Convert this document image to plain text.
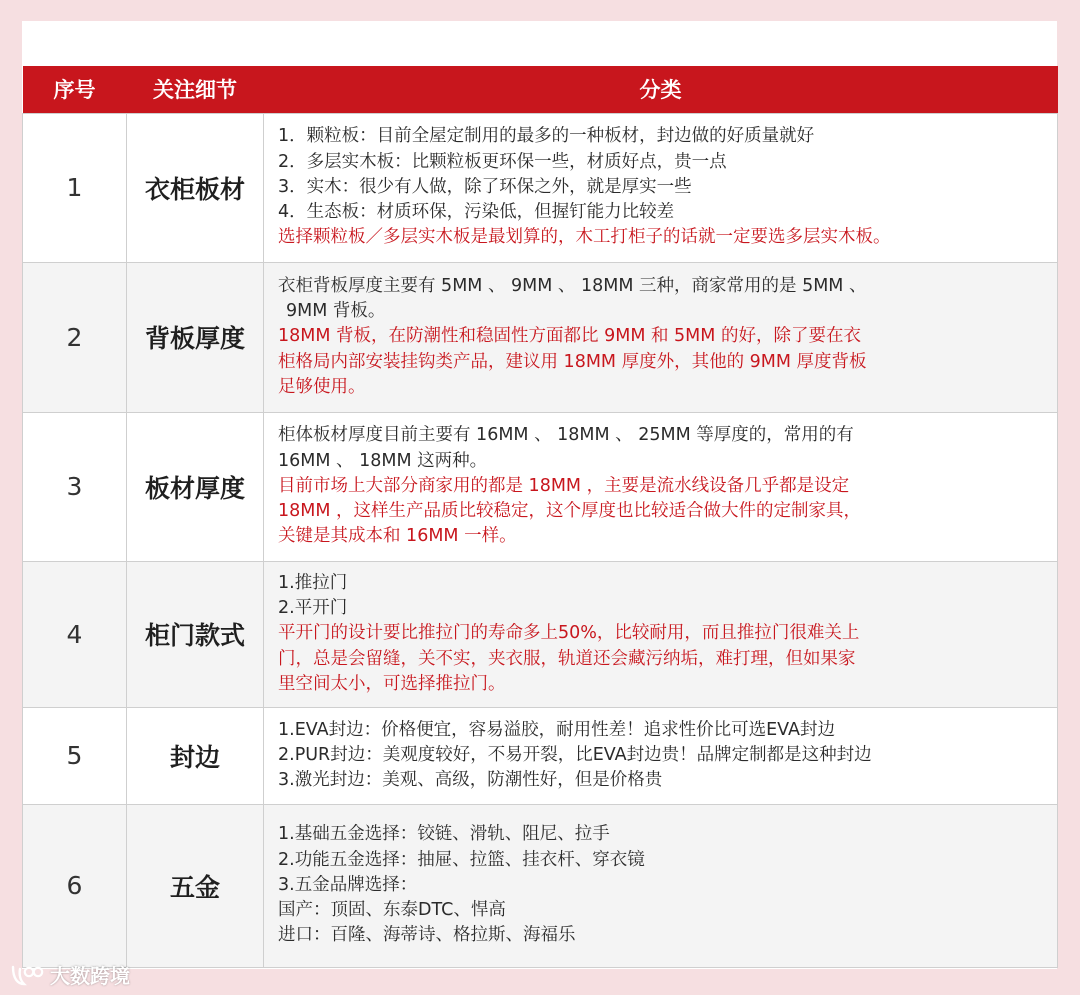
序号	关注细节	分类
1	衣柜板材	1．颗粒板：目前全屋定制用的最多的一种板材，封边做的好质量就好
2．多层实木板：比颗粒板更环保一些，材质好点，贵一点
3．实木：很少有人做，除了环保之外，就是厚实一些
4．生态板：材质环保，污染低，但握钉能力比较差
选择颗粒板／多层实木板是最划算的，木工打柜子的话就一定要选多层实木板。

2	背板厚度	衣柜背板厚度主要有 5MM 、 9MM 、 18MM 三种，商家常用的是 5MM 、
9MM 背板。
18MM 背板，在防潮性和稳固性方面都比 9MM 和 5MM 的好，除了要在衣
柜格局内部安装挂钩类产品，建议用 18MM 厚度外，其他的 9MM 厚度背板
足够使用。

3	板材厚度	柜体板材厚度目前主要有 16MM 、 18MM 、 25MM 等厚度的，常用的有
16MM 、 18MM 这两种。
目前市场上大部分商家用的都是 18MM ，主要是流水线设备几乎都是设定
18MM ，这样生产品质比较稳定，这个厚度也比较适合做大件的定制家具，
关键是其成本和 16MM 一样。

4	柜门款式	1.推拉门
2.平开门
平开门的设计要比推拉门的寿命多上50%，比较耐用，而且推拉门很难关上
门，总是会留缝，关不实，夹衣服，轨道还会藏污纳垢，难打理，但如果家
里空间太小，可选择推拉门。

5	封边	1.EVA封边：价格便宜，容易溢胶，耐用性差！追求性价比可选EVA封边
2.PUR封边：美观度较好，不易开裂，比EVA封边贵！品牌定制都是这种封边
3.激光封边：美观、高级，防潮性好，但是价格贵

6	五金	1.基础五金选择：铰链、滑轨、阻尼、拉手
2.功能五金选择：抽屉、拉篮、挂衣杆、穿衣镜
3.五金品牌选择：
国产：顶固、东泰DTC、悍高
进口：百隆、海蒂诗、格拉斯、海福乐
大数跨境
